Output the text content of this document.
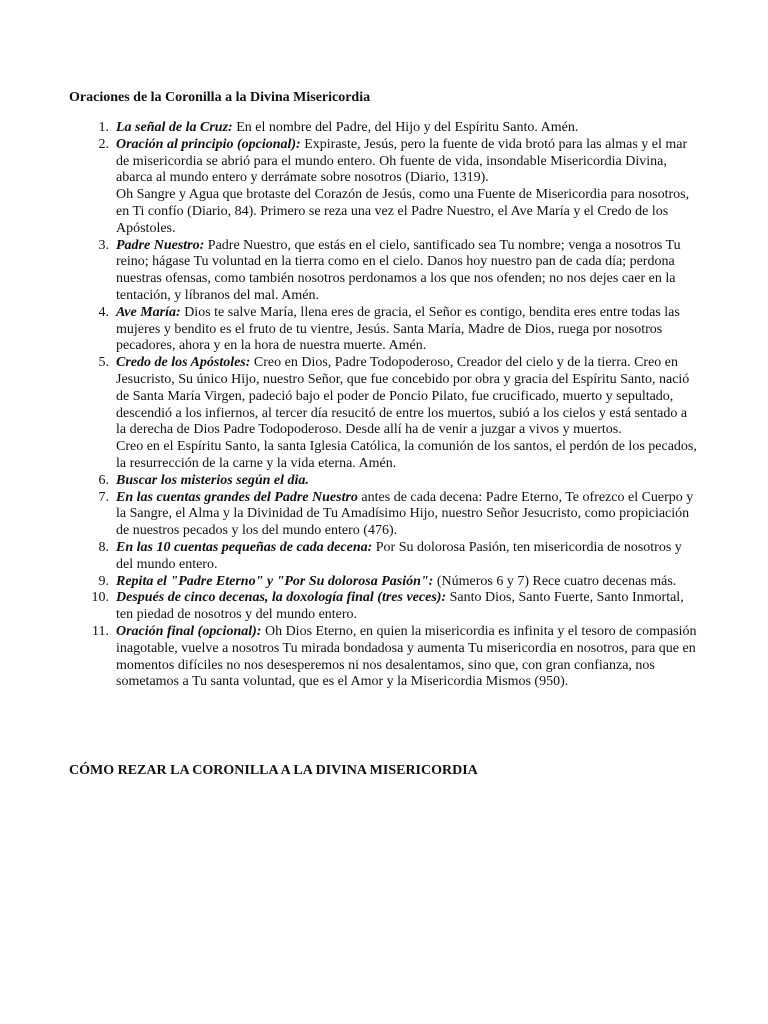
Oraciones de la Coronilla a la Divina Misericordia
1. La señal de la Cruz: En el nombre del Padre, del Hijo y del Espíritu Santo. Amén.
2. Oración al principio (opcional): Expiraste, Jesús, pero la fuente de vida brotó para las almas y el mar de misericordia se abrió para el mundo entero. Oh fuente de vida, insondable Misericordia Divina, abarca al mundo entero y derrámate sobre nosotros (Diario, 1319).
Oh Sangre y Agua que brotaste del Corazón de Jesús, como una Fuente de Misericordia para nosotros, en Ti confío (Diario, 84). Primero se reza una vez el Padre Nuestro, el Ave María y el Credo de los Apóstoles.
3. Padre Nuestro: Padre Nuestro, que estás en el cielo, santificado sea Tu nombre; venga a nosotros Tu reino; hágase Tu voluntad en la tierra como en el cielo. Danos hoy nuestro pan de cada día; perdona nuestras ofensas, como también nosotros perdonamos a los que nos ofenden; no nos dejes caer en la tentación, y líbranos del mal. Amén.
4. Ave María: Dios te salve María, llena eres de gracia, el Señor es contigo, bendita eres entre todas las mujeres y bendito es el fruto de tu vientre, Jesús. Santa María, Madre de Dios, ruega por nosotros pecadores, ahora y en la hora de nuestra muerte. Amén.
5. Credo de los Apóstoles: Creo en Dios, Padre Todopoderoso, Creador del cielo y de la tierra. Creo en Jesucristo, Su único Hijo, nuestro Señor, que fue concebido por obra y gracia del Espíritu Santo, nació de Santa María Virgen, padeció bajo el poder de Poncio Pilato, fue crucificado, muerto y sepultado, descendió a los infiernos, al tercer día resucitó de entre los muertos, subió a los cielos y está sentado a la derecha de Dios Padre Todopoderoso. Desde allí ha de venir a juzgar a vivos y muertos.
Creo en el Espíritu Santo, la santa Iglesia Católica, la comunión de los santos, el perdón de los pecados, la resurrección de la carne y la vida eterna. Amén.
6. Buscar los misterios según el dia.
7. En las cuentas grandes del Padre Nuestro antes de cada decena: Padre Eterno, Te ofrezco el Cuerpo y la Sangre, el Alma y la Divinidad de Tu Amadísimo Hijo, nuestro Señor Jesucristo, como propiciación de nuestros pecados y los del mundo entero (476).
8. En las 10 cuentas pequeñas de cada decena: Por Su dolorosa Pasión, ten misericordia de nosotros y del mundo entero.
9. Repita el "Padre Eterno" y "Por Su dolorosa Pasión": (Números 6 y 7) Rece cuatro decenas más.
10. Después de cinco decenas, la doxología final (tres veces): Santo Dios, Santo Fuerte, Santo Inmortal, ten piedad de nosotros y del mundo entero.
11. Oración final (opcional): Oh Dios Eterno, en quien la misericordia es infinita y el tesoro de compasión inagotable, vuelve a nosotros Tu mirada bondadosa y aumenta Tu misericordia en nosotros, para que en momentos difíciles no nos desesperemos ni nos desalentamos, sino que, con gran confianza, nos sometamos a Tu santa voluntad, que es el Amor y la Misericordia Mismos (950).
CÓMO REZAR LA CORONILLA A LA DIVINA MISERICORDIA
